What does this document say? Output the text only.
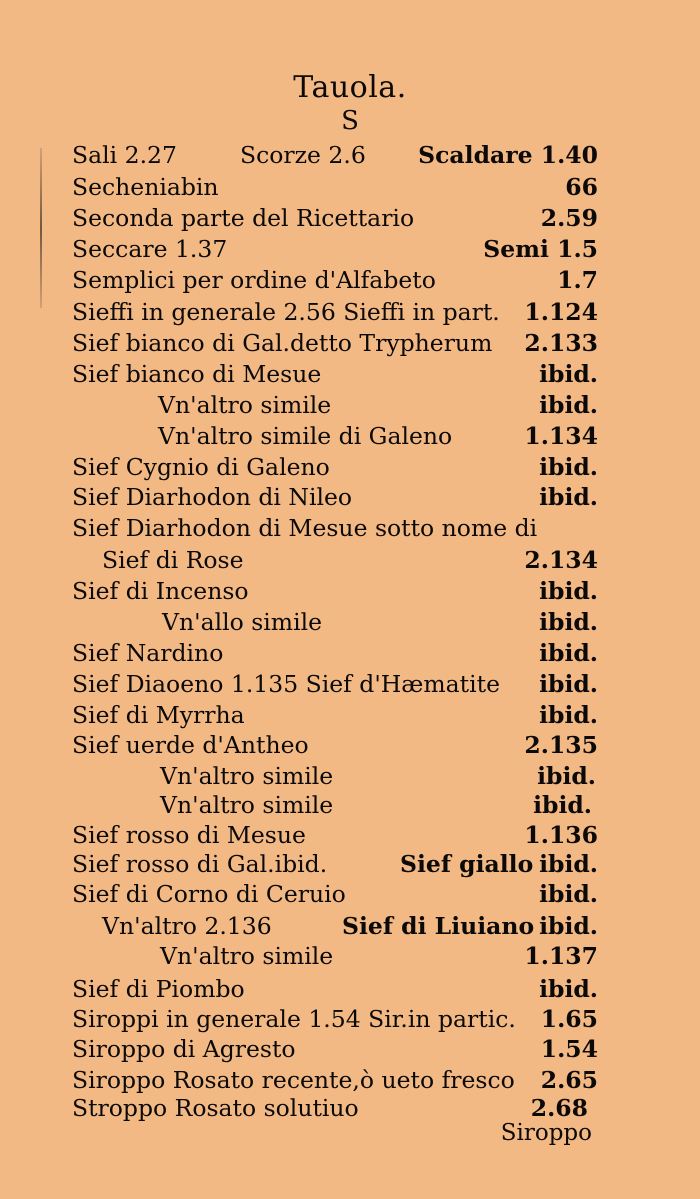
Tauola.
S
Sali 2.27	Scorze 2.6 Scaldare 1.40
Secheniabin	66
Seconda parte del Ricettario	2.59
Seccare 1.37	Semi 1.5
Semplici per ordine d'Alfabeto	1.7
Sieffi in generale 2.56 Sieffi in part. 1.124
Sief bianco di Gal.detto Trypherum 2.133
Sief bianco di Mesue	ibid.
Vn'altro simile	ibid.
Vn'altro simile di Galeno	1.134
Sief Cygnio di Galeno	ibid.
Sief Diarhodon di Nileo	ibid.
Sief Diarhodon di Mesue sotto nome di
Sief di Rose	2.134
Sief di Incenso	ibid.
Vn'allo simile	ibid.
Sief Nardino	ibid.
Sief Diaoeno 1.135 Sief d'Hæmatite ibid.
Sief di Myrrha	ibid.
Sief uerde d'Antheo	2.135
Vn'altro simile	ibid.
Vn'altro simile	ibid.
Sief rosso di Mesue	1.136
Sief rosso di Gal.ibid.	Sief giallo ibid.
Sief di Corno di Ceruio	ibid.
Vn'altro 2.136	Sief di Liuiano ibid.
Vn'altro simile	1.137
Sief di Piombo	ibid.
Siroppi in generale 1.54 Sir.in partic. 1.65
Siroppo di Agresto	1.54
Siroppo Rosato recente,ò ueto fresco 2.65
Stroppo Rosato solutiuo	2.68
Siroppo
